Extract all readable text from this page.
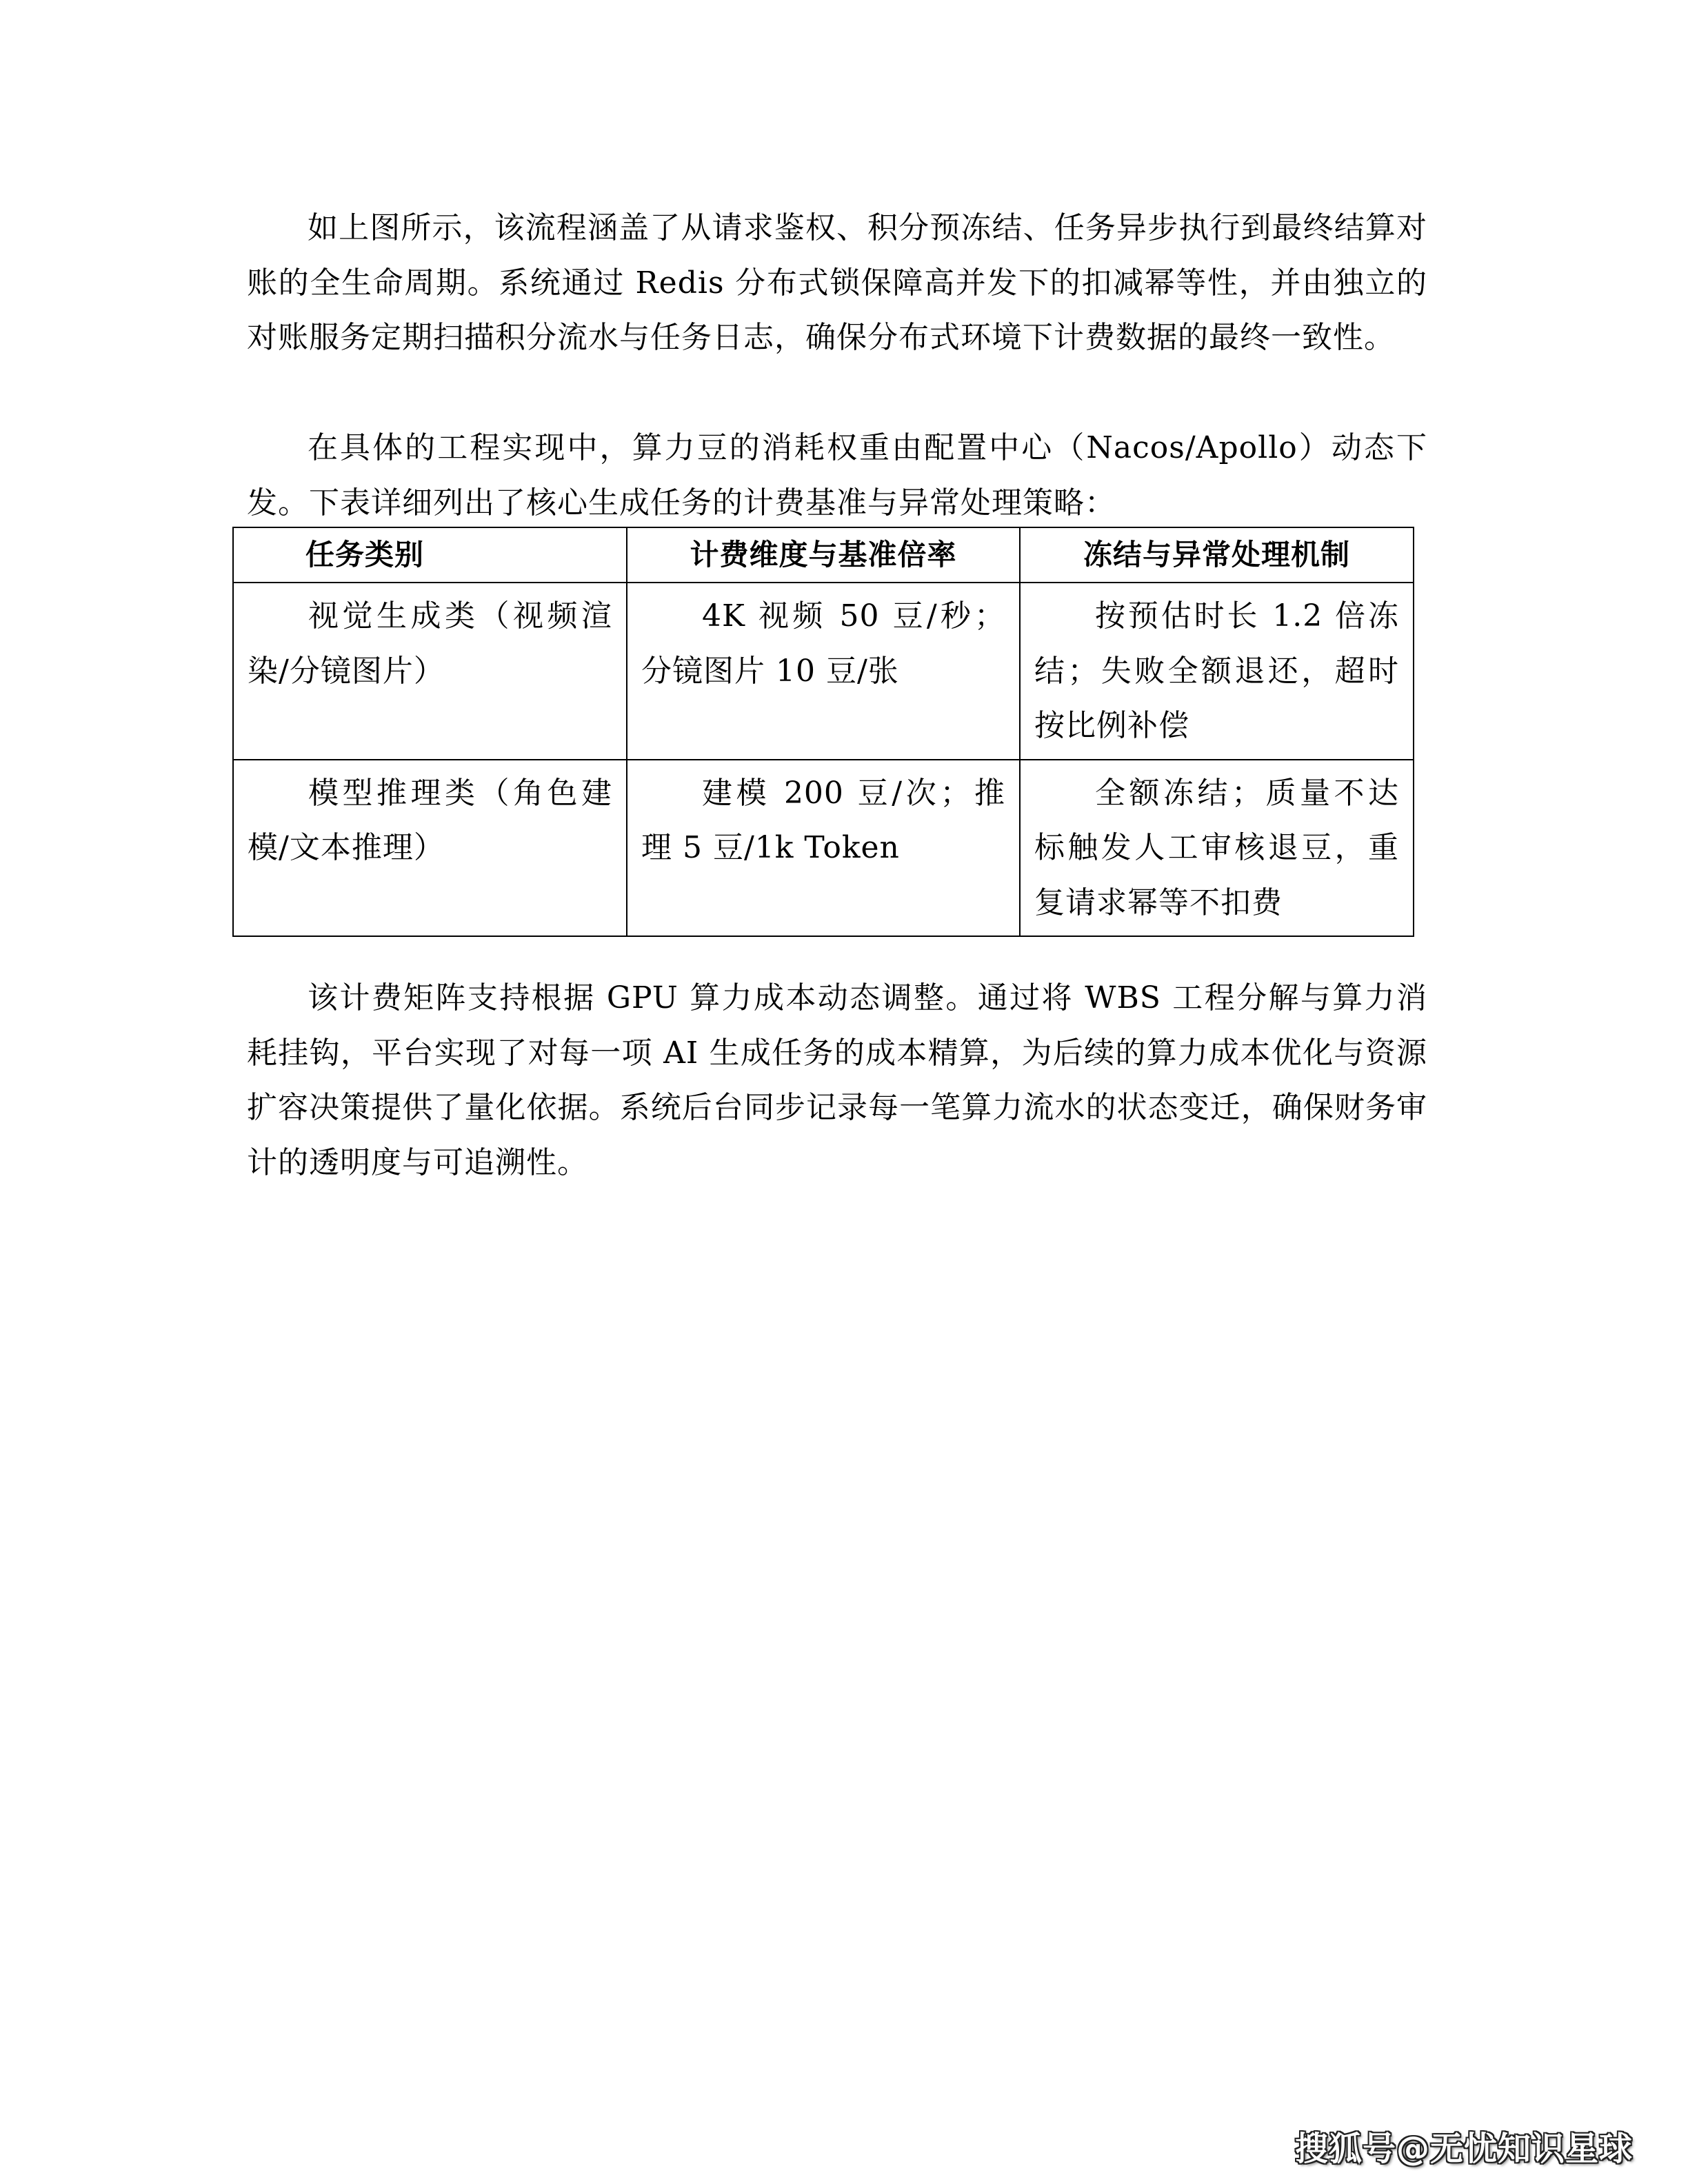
如上图所示，该流程涵盖了从请求鉴权、积分预冻结、任务异步执行到最终结算对账的全生命周期。系统通过 Redis 分布式锁保障高并发下的扣减幂等性，并由独立的对账服务定期扫描积分流水与任务日志，确保分布式环境下计费数据的最终一致性。

在具体的工程实现中，算力豆的消耗权重由配置中心（Nacos/Apollo）动态下发。下表详细列出了核心生成任务的计费基准与异常处理策略：

任务类别	计费维度与基准倍率	冻结与异常处理机制

视觉生成类（视频渲染/分镜图片）	4K 视频 50 豆/秒；分镜图片 10 豆/张	按预估时长 1.2 倍冻结；失败全额退还，超时按比例补偿

模型推理类（角色建模/文本推理）	建模 200 豆/次；推理 5 豆/1k Token	全额冻结；质量不达标触发人工审核退豆，重复请求幂等不扣费

该计费矩阵支持根据 GPU 算力成本动态调整。通过将 WBS 工程分解与算力消耗挂钩，平台实现了对每一项 AI 生成任务的成本精算，为后续的算力成本优化与资源扩容决策提供了量化依据。系统后台同步记录每一笔算力流水的状态变迁，确保财务审计的透明度与可追溯性。

搜狐号@无忧知识星球
